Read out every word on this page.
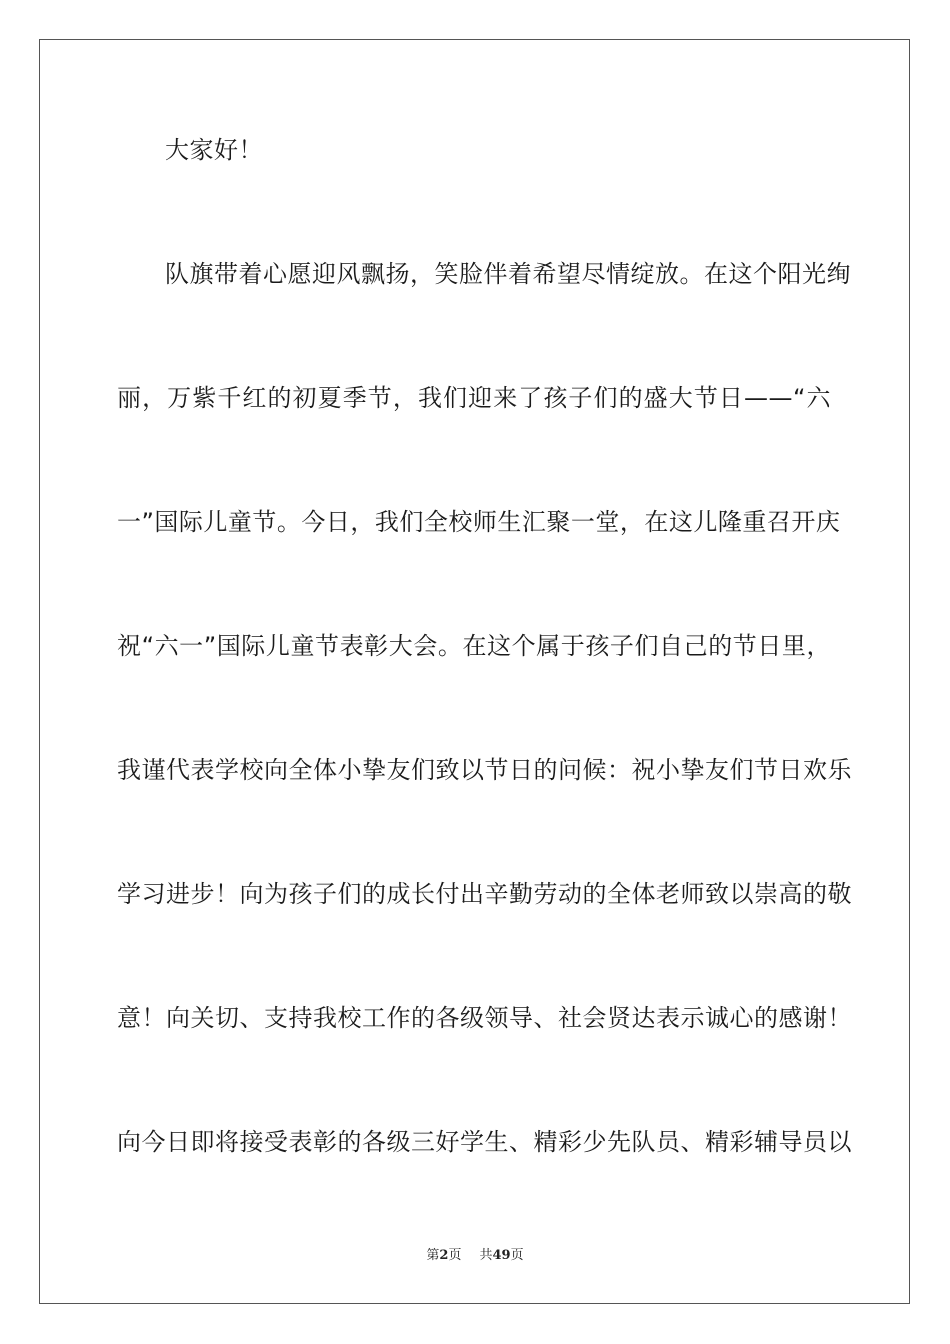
大家好！
队旗带着心愿迎风飘扬，笑脸伴着希望尽情绽放。在这个阳光绚
丽，万紫千红的初夏季节，我们迎来了孩子们的盛大节日——“六
一”国际儿童节。今日，我们全校师生汇聚一堂，在这儿隆重召开庆
祝“六一”国际儿童节表彰大会。在这个属于孩子们自己的节日里，
我谨代表学校向全体小挚友们致以节日的问候：祝小挚友们节日欢乐
学习进步！向为孩子们的成长付出辛勤劳动的全体老师致以崇高的敬
意！向关切、支持我校工作的各级领导、社会贤达表示诚心的感谢！
向今日即将接受表彰的各级三好学生、精彩少先队员、精彩辅导员以
第2页 共49页
